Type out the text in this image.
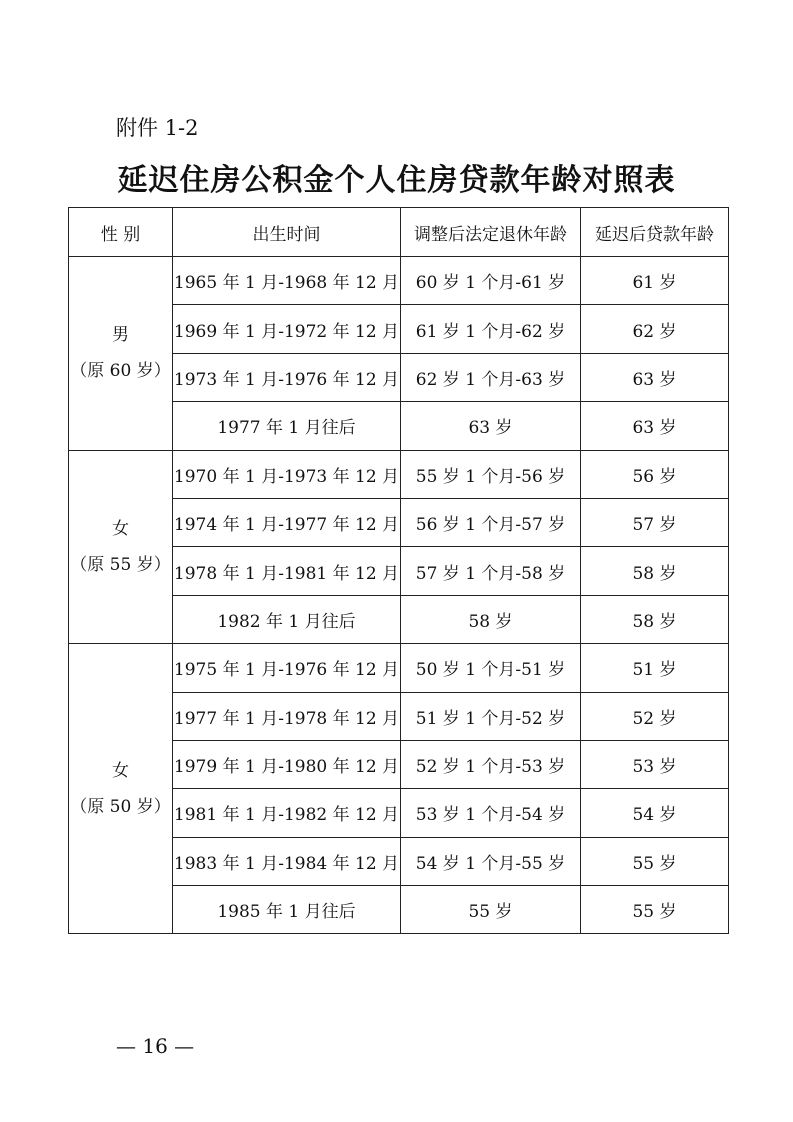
附件 1-2
延迟住房公积金个人住房贷款年龄对照表
性 别	出生时间	调整后法定退休年龄	延迟后贷款年龄

男
（原 60 岁）	1965 年 1 月-1968 年 12 月	60 岁 1 个月-61 岁	61 岁
	1969 年 1 月-1972 年 12 月	61 岁 1 个月-62 岁	62 岁
	1973 年 1 月-1976 年 12 月	62 岁 1 个月-63 岁	63 岁
	1977 年 1 月往后	63 岁	63 岁

女
（原 55 岁）	1970 年 1 月-1973 年 12 月	55 岁 1 个月-56 岁	56 岁
	1974 年 1 月-1977 年 12 月	56 岁 1 个月-57 岁	57 岁
	1978 年 1 月-1981 年 12 月	57 岁 1 个月-58 岁	58 岁
	1982 年 1 月往后	58 岁	58 岁

女
（原 50 岁）	1975 年 1 月-1976 年 12 月	50 岁 1 个月-51 岁	51 岁
	1977 年 1 月-1978 年 12 月	51 岁 1 个月-52 岁	52 岁
	1979 年 1 月-1980 年 12 月	52 岁 1 个月-53 岁	53 岁
	1981 年 1 月-1982 年 12 月	53 岁 1 个月-54 岁	54 岁
	1983 年 1 月-1984 年 12 月	54 岁 1 个月-55 岁	55 岁
	1985 年 1 月往后	55 岁	55 岁
— 16 —
